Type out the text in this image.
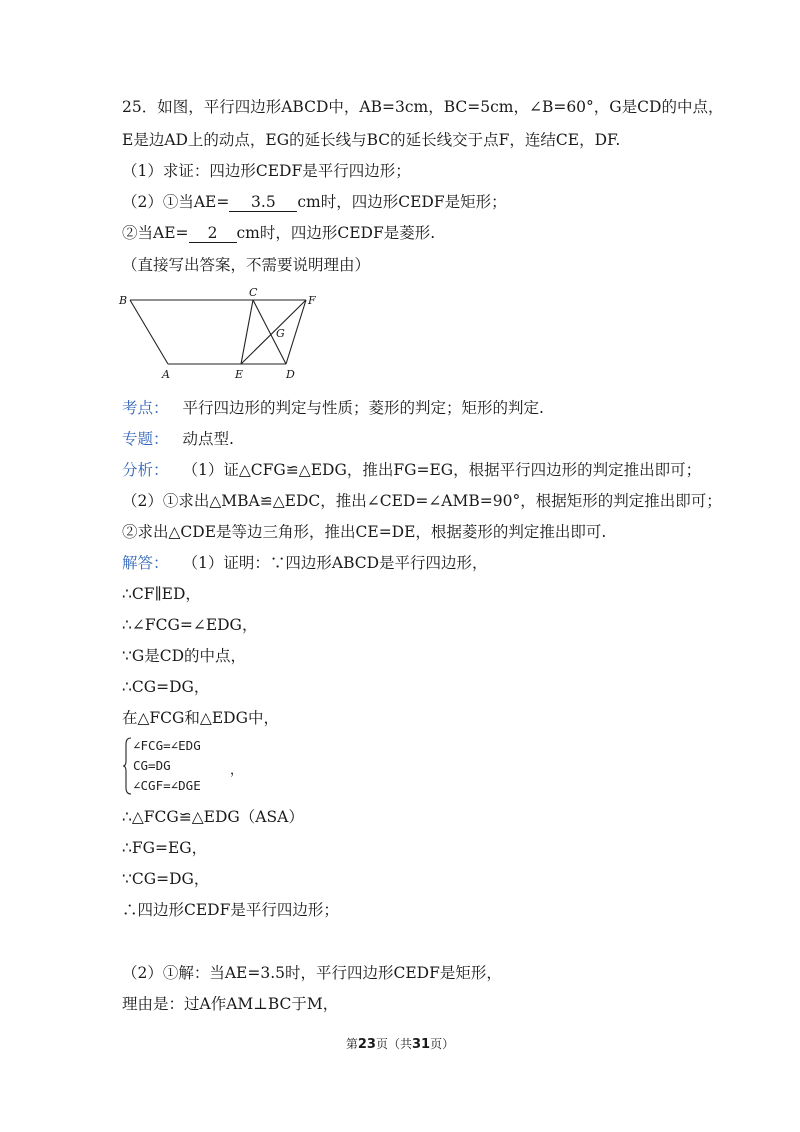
25．如图，平行四边形ABCD中，AB=3cm，BC=5cm，∠B=60°，G是CD的中点，
E是边AD上的动点，EG的延长线与BC的延长线交于点F，连结CE，DF.
（1）求证：四边形CEDF是平行四边形；
（2）①当AE= 3.5 cm时，四边形CEDF是矩形；
②当AE= 2 cm时，四边形CEDF是菱形.
（直接写出答案，不需要说明理由）
B
C
F
G
A	E	D
考点： 平行四边形的判定与性质；菱形的判定；矩形的判定.
专题： 动点型.
分析： （1）证△CFG≌△EDG，推出FG=EG，根据平行四边形的判定推出即可；
（2）①求出△MBA≌△EDC，推出∠CED=∠AMB=90°，根据矩形的判定推出即可；
②求出△CDE是等边三角形，推出CE=DE，根据菱形的判定推出即可.
解答： （1）证明：∵四边形ABCD是平行四边形，
∴CF∥ED，
∴∠FCG=∠EDG，
∵G是CD的中点，
∴CG=DG，
在△FCG和△EDG中，
∠FCG=∠EDG
CG=DG
∠CGF=∠DGE
，
∴△FCG≌△EDG（ASA）
∴FG=EG，
∵CG=DG，
∴四边形CEDF是平行四边形；
（2）①解：当AE=3.5时，平行四边形CEDF是矩形，
理由是：过A作AM⊥BC于M，
第23页（共31页）
